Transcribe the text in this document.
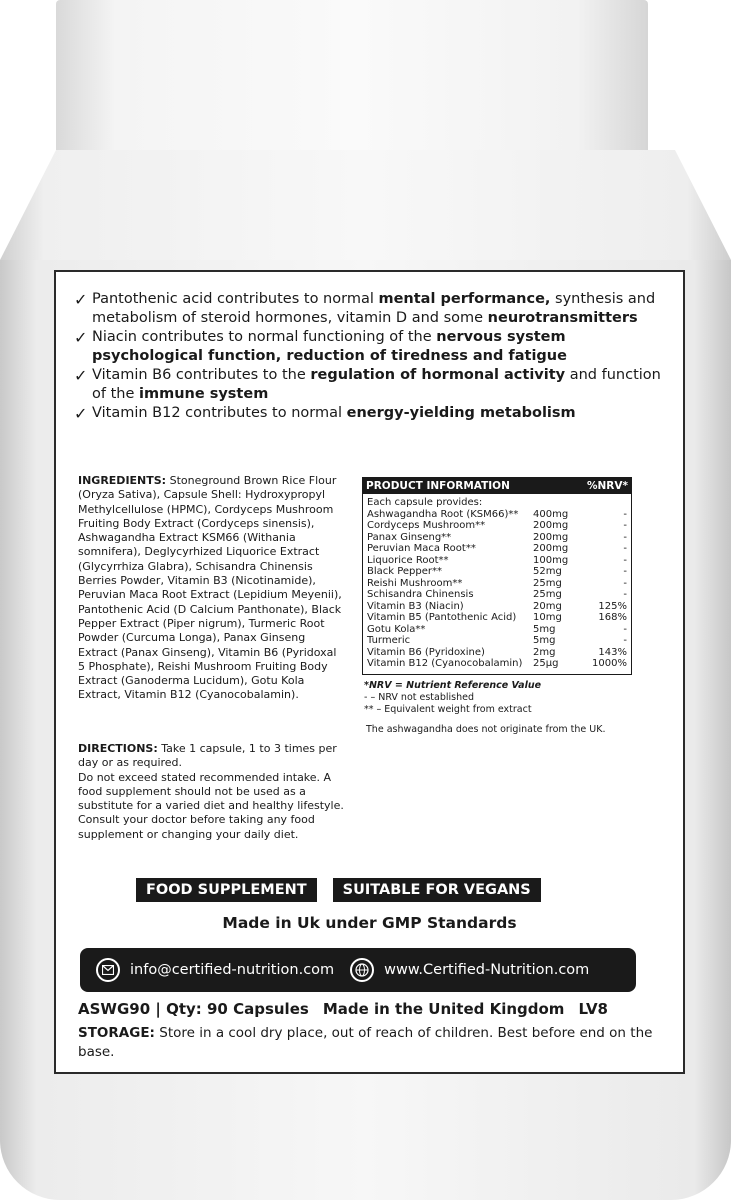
✓ Pantothenic acid contributes to normal mental performance, synthesis and metabolism of steroid hormones, vitamin D and some neurotransmitters
✓ Niacin contributes to normal functioning of the nervous system psychological function, reduction of tiredness and fatigue
✓ Vitamin B6 contributes to the regulation of hormonal activity and function of the immune system
✓ Vitamin B12 contributes to normal energy-yielding metabolism
INGREDIENTS: Stoneground Brown Rice Flour (Oryza Sativa), Capsule Shell: Hydroxypropyl Methylcellulose (HPMC), Cordyceps Mushroom Fruiting Body Extract (Cordyceps sinensis), Ashwagandha Extract KSM66 (Withania somnifera), Deglycyrhized Liquorice Extract (Glycyrrhiza Glabra), Schisandra Chinensis Berries Powder, Vitamin B3 (Nicotinamide), Peruvian Maca Root Extract (Lepidium Meyenii), Pantothenic Acid (D Calcium Panthonate), Black Pepper Extract (Piper nigrum), Turmeric Root Powder (Curcuma Longa), Panax Ginseng Extract (Panax Ginseng), Vitamin B6 (Pyridoxal 5 Phosphate), Reishi Mushroom Fruiting Body Extract (Ganoderma Lucidum), Gotu Kola Extract, Vitamin B12 (Cyanocobalamin).

DIRECTIONS: Take 1 capsule, 1 to 3 times per day or as required.

Do not exceed stated recommended intake. A food supplement should not be used as a substitute for a varied diet and healthy lifestyle. Consult your doctor before taking any food supplement or changing your daily diet.

PRODUCT INFORMATION	%NRV*
Each capsule provides:
Ashwagandha Root (KSM66)**	400mg	-
Cordyceps Mushroom**	200mg	-
Panax Ginseng**	200mg	-
Peruvian Maca Root**	200mg	-
Liquorice Root**	100mg	-
Black Pepper**	52mg	-
Reishi Mushroom**	25mg	-
Schisandra Chinensis	25mg	-
Vitamin B3 (Niacin)	20mg	125%
Vitamin B5 (Pantothenic Acid)	10mg	168%
Gotu Kola**	5mg	-
Turmeric	5mg	-
Vitamin B6 (Pyridoxine)	2mg	143%
Vitamin B12 (Cyanocobalamin)	25µg	1000%
*NRV = Nutrient Reference Value
- – NRV not established
** – Equivalent weight from extract
The ashwagandha does not originate from the UK.
FOOD SUPPLEMENT	SUITABLE FOR VEGANS
Made in Uk under GMP Standards
info@certified-nutrition.com	www.Certified-Nutrition.com
ASWG90 | Qty: 90 Capsules Made in the United Kingdom LV8
STORAGE: Store in a cool dry place, out of reach of children. Best before end on the base.
